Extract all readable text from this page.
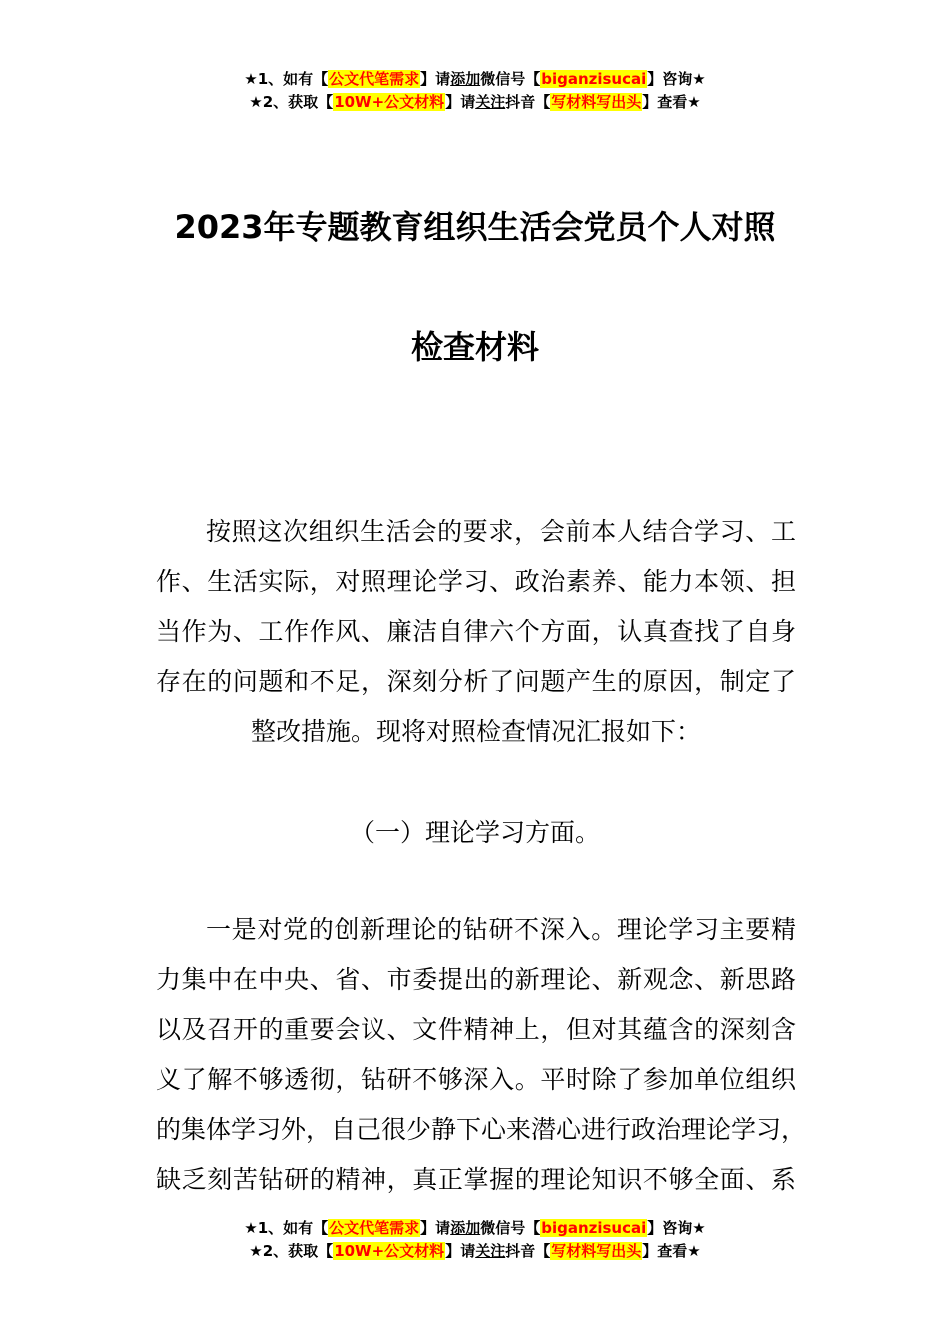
★1、如有【公文代笔需求】请添加微信号【biganzisucai】咨询★
★2、获取【10W+公文材料】请关注抖音【写材料写出头】查看★
2023年专题教育组织生活会党员个人对照
检查材料
按照这次组织生活会的要求，会前本人结合学习、工
作、生活实际，对照理论学习、政治素养、能力本领、担
当作为、工作作风、廉洁自律六个方面，认真查找了自身
存在的问题和不足，深刻分析了问题产生的原因，制定了
整改措施。现将对照检查情况汇报如下：
（一）理论学习方面。
一是对党的创新理论的钻研不深入。理论学习主要精
力集中在中央、省、市委提出的新理论、新观念、新思路
以及召开的重要会议、文件精神上，但对其蕴含的深刻含
义了解不够透彻，钻研不够深入。平时除了参加单位组织
的集体学习外，自己很少静下心来潜心进行政治理论学习，
缺乏刻苦钻研的精神，真正掌握的理论知识不够全面、系
★1、如有【公文代笔需求】请添加微信号【biganzisucai】咨询★
★2、获取【10W+公文材料】请关注抖音【写材料写出头】查看★
